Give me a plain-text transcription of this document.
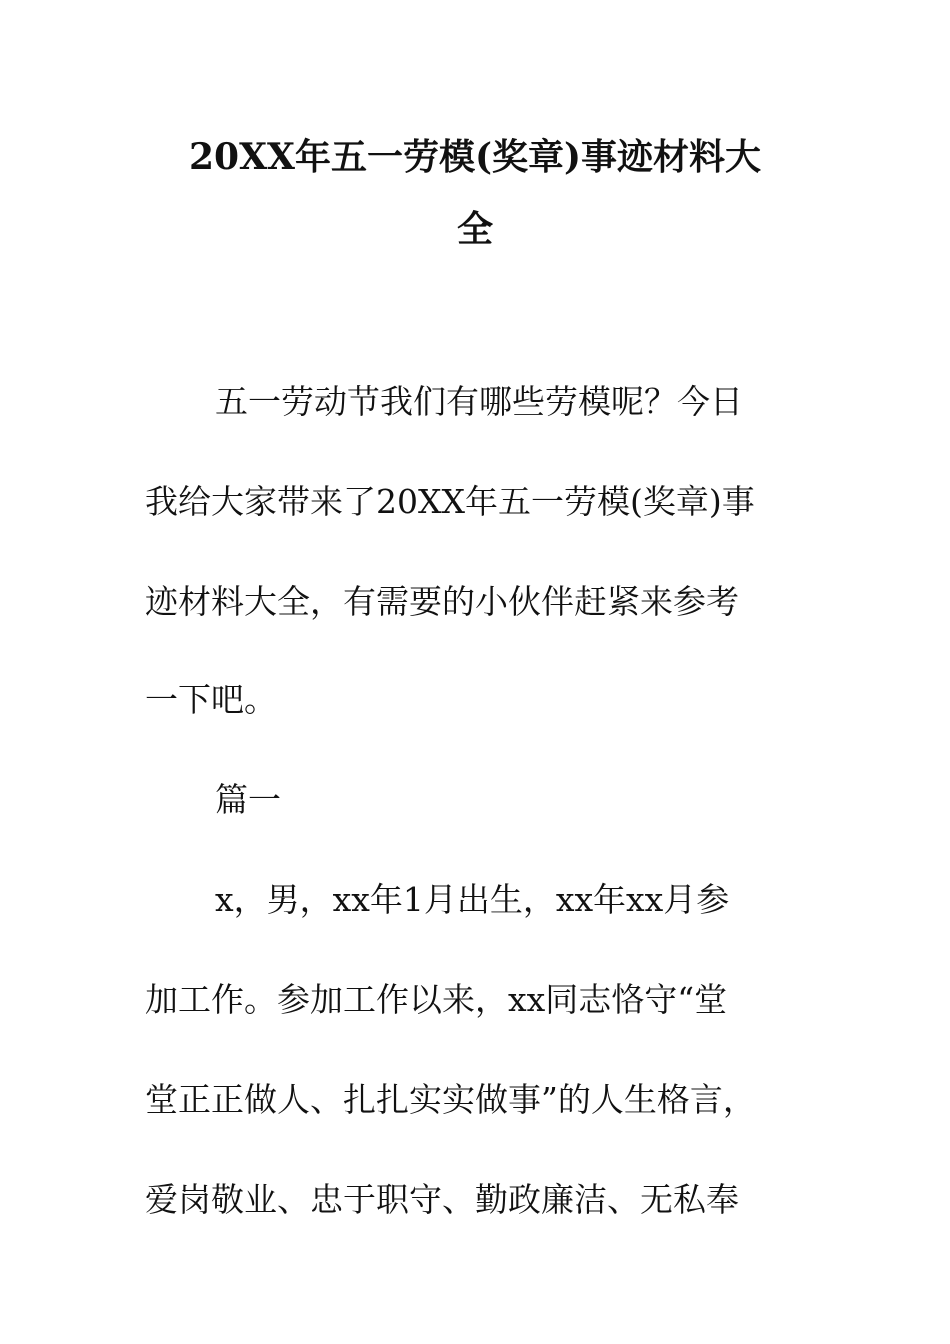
20XX年五一劳模(奖章)事迹材料大
全
五一劳动节我们有哪些劳模呢？今日
我给大家带来了20XX年五一劳模(奖章)事
迹材料大全，有需要的小伙伴赶紧来参考
一下吧。
篇一
x，男，xx年1月出生，xx年xx月参
加工作。参加工作以来，xx同志恪守“堂
堂正正做人、扎扎实实做事”的人生格言，
爱岗敬业、忠于职守、勤政廉洁、无私奉
